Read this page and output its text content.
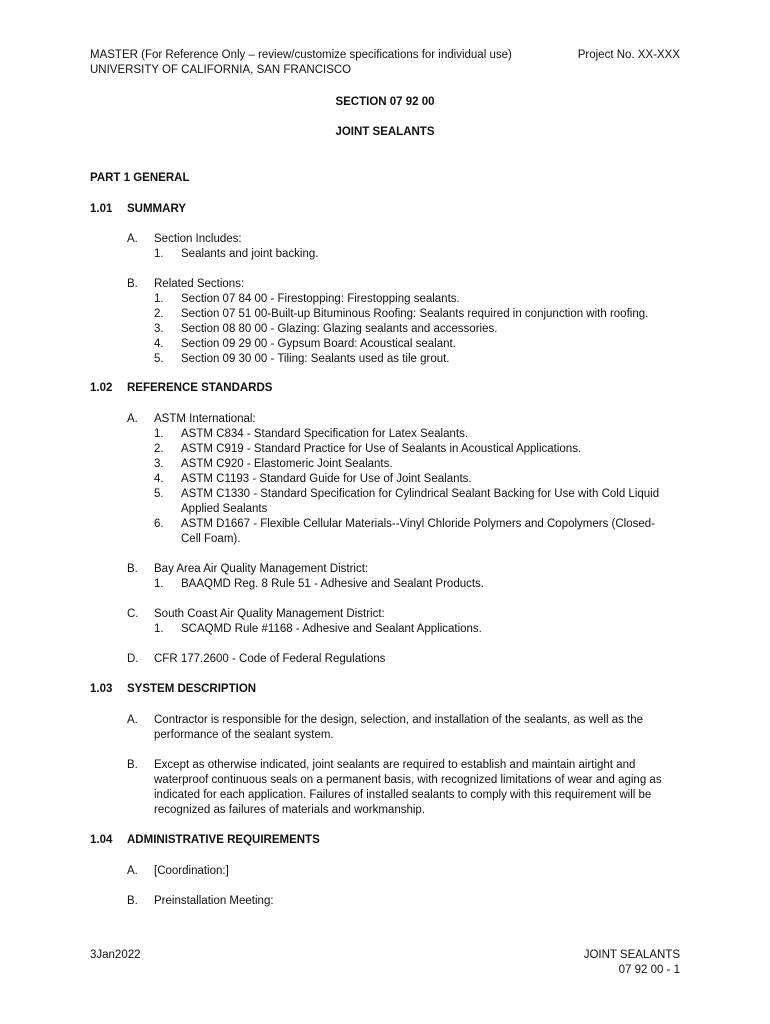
MASTER (For Reference Only – review/customize specifications for individual use)
UNIVERSITY OF CALIFORNIA, SAN FRANCISCO
Project No. XX-XXX
SECTION 07 92 00
JOINT SEALANTS
PART 1 GENERAL
1.01 SUMMARY
A. Section Includes:
1. Sealants and joint backing.
B. Related Sections:
1. Section 07 84 00 - Firestopping: Firestopping sealants.
2. Section 07 51 00-Built-up Bituminous Roofing: Sealants required in conjunction with roofing.
3. Section 08 80 00 - Glazing: Glazing sealants and accessories.
4. Section 09 29 00 - Gypsum Board: Acoustical sealant.
5. Section 09 30 00 - Tiling: Sealants used as tile grout.
1.02 REFERENCE STANDARDS
A. ASTM International:
1. ASTM C834 - Standard Specification for Latex Sealants.
2. ASTM C919 - Standard Practice for Use of Sealants in Acoustical Applications.
3. ASTM C920 - Elastomeric Joint Sealants.
4. ASTM C1193 - Standard Guide for Use of Joint Sealants.
5. ASTM C1330 - Standard Specification for Cylindrical Sealant Backing for Use with Cold Liquid
Applied Sealants
6. ASTM D1667 - Flexible Cellular Materials--Vinyl Chloride Polymers and Copolymers (Closed-
Cell Foam).
B. Bay Area Air Quality Management District:
1. BAAQMD Reg. 8 Rule 51 - Adhesive and Sealant Products.
C. South Coast Air Quality Management District:
1. SCAQMD Rule #1168 - Adhesive and Sealant Applications.
D. CFR 177.2600 - Code of Federal Regulations
1.03 SYSTEM DESCRIPTION
A. Contractor is responsible for the design, selection, and installation of the sealants, as well as the
performance of the sealant system.
B. Except as otherwise indicated, joint sealants are required to establish and maintain airtight and
waterproof continuous seals on a permanent basis, with recognized limitations of wear and aging as
indicated for each application. Failures of installed sealants to comply with this requirement will be
recognized as failures of materials and workmanship.
1.04 ADMINISTRATIVE REQUIREMENTS
A. [Coordination:]
B. Preinstallation Meeting:
3Jan2022	JOINT SEALANTS
07 92 00 - 1
